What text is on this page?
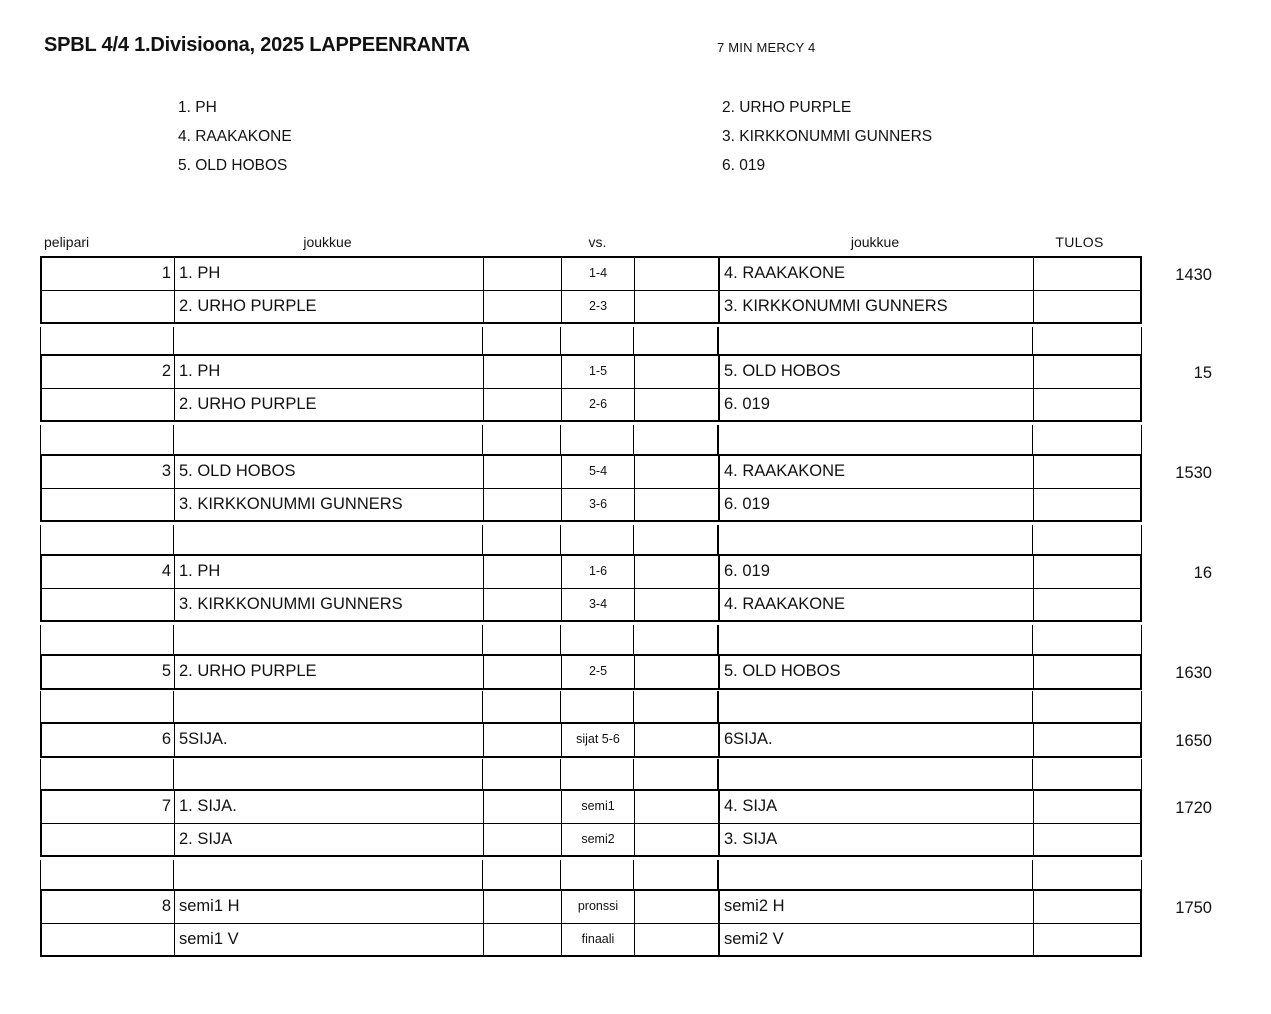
SPBL 4/4 1.Divisioona, 2025 LAPPEENRANTA	7 MIN MERCY 4
1. PH
4. RAAKAKONE
5. OLD HOBOS
2. URHO PURPLE
3. KIRKKONUMMI GUNNERS
6. 019
pelipari	joukkue	vs.	joukkue	TULOS
1 1. PH	1-4	4. RAAKAKONE
2. URHO PURPLE	2-3	3. KIRKKONUMMI GUNNERS
1430
2 1. PH	1-5	5. OLD HOBOS
2. URHO PURPLE	2-6	6. 019
15
3 5. OLD HOBOS	5-4	4. RAAKAKONE
3. KIRKKONUMMI GUNNERS	3-6	6. 019
1530
4 1. PH	1-6	6. 019
3. KIRKKONUMMI GUNNERS	3-4	4. RAAKAKONE
16
5 2. URHO PURPLE	2-5	5. OLD HOBOS	1630
6 5SIJA.	sijat 5-6	6SIJA.	1650
7 1. SIJA.	semi1	4. SIJA
2. SIJA	semi2	3. SIJA
1720
8 semi1 H	pronssi	semi2 H
semi1 V	finaali	semi2 V
1750
